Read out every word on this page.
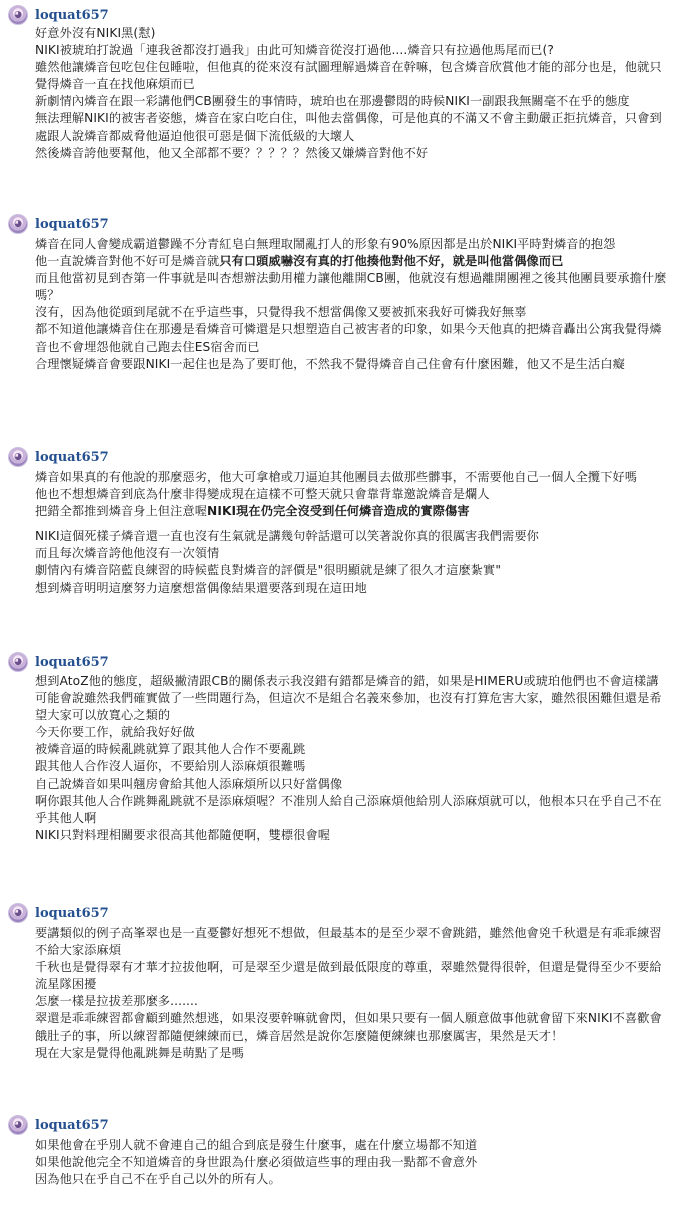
◕	loquat657
好意外沒有NIKI黑(懟)
NIKI被琥珀打說過「連我爸都沒打過我」由此可知燐音從沒打過他....燐音只有拉過他馬尾而已(?
雖然他讓燐音包吃包住包睡啦，但他真的從來沒有試圖理解過燐音在幹嘛，包含燐音欣賞他才能的部分也是，他就只覺得燐音一直在找他麻煩而已
新劇情內燐音在跟一彩講他們CB團發生的事情時，琥珀也在那邊鬱悶的時候NIKI一副跟我無關毫不在乎的態度
無法理解NIKI的被害者姿態，燐音在家白吃白住，叫他去當偶像，可是他真的不滿又不會主動嚴正拒抗燐音，只會到處跟人說燐音都威脅他逼迫他很可惡是個下流低級的大壞人
然後燐音誇他要幫他，他又全部都不要？？？？？然後又嫌燐音對他不好
◕	loquat657
燐音在同人會變成霸道鬱躁不分青紅皂白無理取鬧亂打人的形象有90%原因都是出於NIKI平時對燐音的抱怨
他一直說燐音對他不好可是燐音就只有口頭威嚇沒有真的打他揍他對他不好，就是叫他當偶像而已
而且他當初見到杏第一件事就是叫杏想辦法動用權力讓他離開CB團，他就沒有想過離開團裡之後其他團員要承擔什麼嗎？
沒有，因為他從頭到尾就不在乎這些事，只覺得我不想當偶像又要被抓來我好可憐我好無辜
都不知道他讓燐音住在那邊是看燐音可憐還是只想塑造自己被害者的印象，如果今天他真的把燐音轟出公寓我覺得燐音也不會埋怨他就自己跑去住ES宿舍而已
合理懷疑燐音會要跟NIKI一起住也是為了要盯他，不然我不覺得燐音自己住會有什麼困難，他又不是生活白癡
◕	loquat657
燐音如果真的有他說的那麼惡劣，他大可拿槍或刀逼迫其他團員去做那些髒事，不需要他自己一個人全攬下好嗎
他也不想想燐音到底為什麼非得變成現在這樣不可整天就只會靠背靠邀說燐音是爛人
把錯全都推到燐音身上但注意喔NIKI現在仍完全沒受到任何燐音造成的實際傷害
NIKI這個死樣子燐音還一直也沒有生氣就是講幾句幹話還可以笑著說你真的很厲害我們需要你
而且每次燐音誇他他沒有一次領情
劇情內有燐音陪藍良練習的時候藍良對燐音的評價是"很明顯就是練了很久才這麼紮實"
想到燐音明明這麼努力這麼想當偶像結果還要落到現在這田地
◕	loquat657
想到AtoZ他的態度，超級撇清跟CB的關係表示我沒錯有錯都是燐音的錯，如果是HIMERU或琥珀他們也不會這樣講
可能會說雖然我們確實做了一些問題行為，但這次不是組合名義來參加，也沒有打算危害大家，雖然很困難但還是希望大家可以放寬心之類的
今天你要工作，就給我好好做
被燐音逼的時候亂跳就算了跟其他人合作不要亂跳
跟其他人合作沒人逼你，不要給別人添麻煩很難嗎
自己說燐音如果叫翹房會給其他人添麻煩所以只好當偶像
啊你跟其他人合作跳舞亂跳就不是添麻煩喔？不准別人給自己添麻煩他給別人添麻煩就可以，他根本只在乎自己不在乎其他人啊
NIKI只對料理相關要求很高其他都隨便啊，雙標很會喔
◕	loquat657
要講類似的例子高峯翠也是一直憂鬱好想死不想做，但最基本的是至少翠不會跳錯，雖然他會兇千秋還是有乖乖練習不給大家添麻煩
千秋也是覺得翠有才華才拉拔他啊，可是翠至少還是做到最低限度的尊重，翠雖然覺得很幹，但還是覺得至少不要給流星隊困擾
怎麼一樣是拉拔差那麼多.......
翠還是乖乖練習都會顧到雖然想逃，如果沒要幹嘛就會閃，但如果只要有一個人願意做事他就會留下來NIKI不喜歡會餓肚子的事，所以練習都隨便練練而已，燐音居然是說你怎麼隨便練練也那麼厲害，果然是天才！
現在大家是覺得他亂跳舞是萌點了是嗎
◕	loquat657
如果他會在乎別人就不會連自己的組合到底是發生什麼事，處在什麼立場都不知道
如果他說他完全不知道燐音的身世跟為什麼必須做這些事的理由我一點都不會意外
因為他只在乎自己不在乎自己以外的所有人。
